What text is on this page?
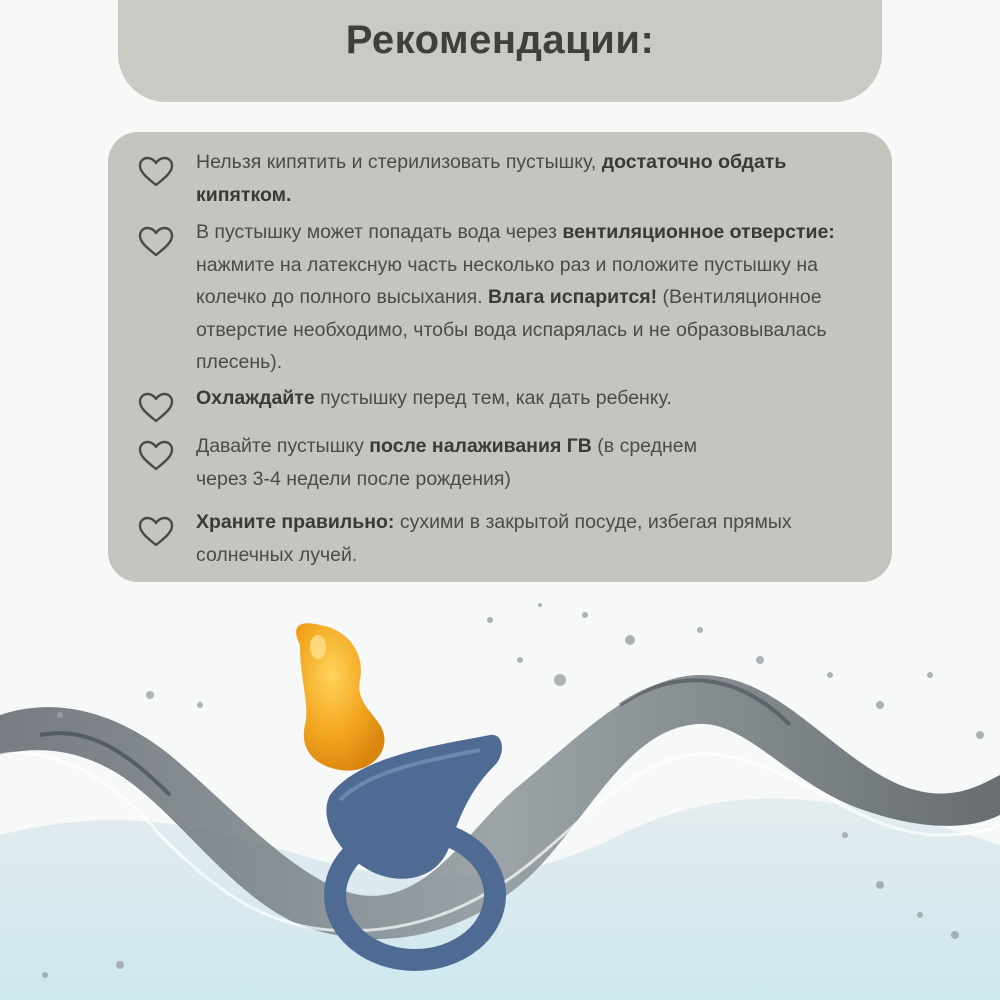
Рекомендации:
Нельзя кипятить и стерилизовать пустышку, достаточно обдать кипятком.
В пустышку может попадать вода через вентиляционное отверстие: нажмите на латексную часть несколько раз и положите пустышку на колечко до полного высыхания. Влага испарится! (Вентиляционное отверстие необходимо, чтобы вода испарялась и не образовывалась плесень).
Охлаждайте пустышку перед тем, как дать ребенку.
Давайте пустышку после налаживания ГВ (в среднем через 3-4 недели после рождения)
Храните правильно: сухими в закрытой посуде, избегая прямых солнечных лучей.
